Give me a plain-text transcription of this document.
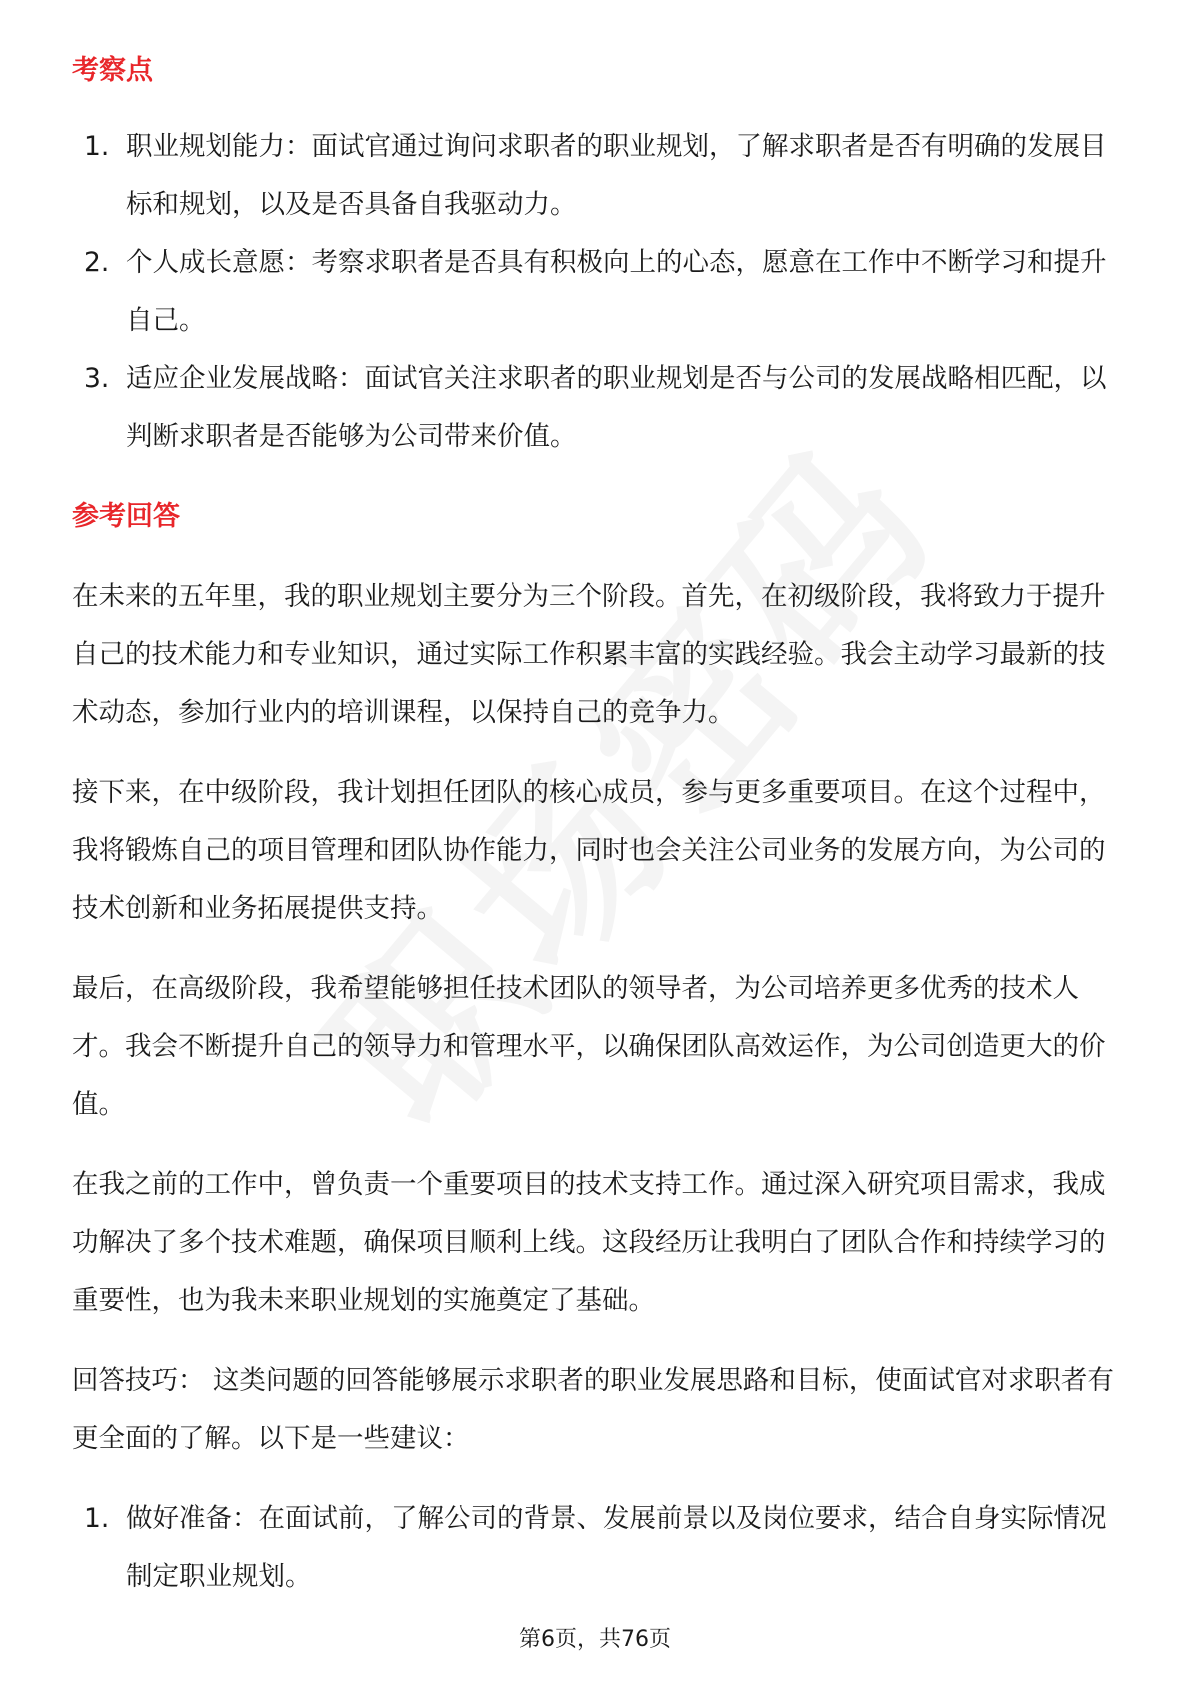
考察点
1. 职业规划能力：面试官通过询问求职者的职业规划，了解求职者是否有明确的发展目标和规划，以及是否具备自我驱动力。
2. 个人成长意愿：考察求职者是否具有积极向上的心态，愿意在工作中不断学习和提升自己。
3. 适应企业发展战略：面试官关注求职者的职业规划是否与公司的发展战略相匹配，以判断求职者是否能够为公司带来价值。
参考回答

在未来的五年里，我的职业规划主要分为三个阶段。首先，在初级阶段，我将致力于提升自己的技术能力和专业知识，通过实际工作积累丰富的实践经验。我会主动学习最新的技术动态，参加行业内的培训课程，以保持自己的竞争力。

接下来，在中级阶段，我计划担任团队的核心成员，参与更多重要项目。在这个过程中，我将锻炼自己的项目管理和团队协作能力，同时也会关注公司业务的发展方向，为公司的技术创新和业务拓展提供支持。

最后，在高级阶段，我希望能够担任技术团队的领导者，为公司培养更多优秀的技术人才。我会不断提升自己的领导力和管理水平，以确保团队高效运作，为公司创造更大的价值。

在我之前的工作中，曾负责一个重要项目的技术支持工作。通过深入研究项目需求，我成功解决了多个技术难题，确保项目顺利上线。这段经历让我明白了团队合作和持续学习的重要性，也为我未来职业规划的实施奠定了基础。

回答技巧： 这类问题的回答能够展示求职者的职业发展思路和目标，使面试官对求职者有更全面的了解。以下是一些建议：

1. 做好准备：在面试前，了解公司的背景、发展前景以及岗位要求，结合自身实际情况制定职业规划。
第6页，共76页
